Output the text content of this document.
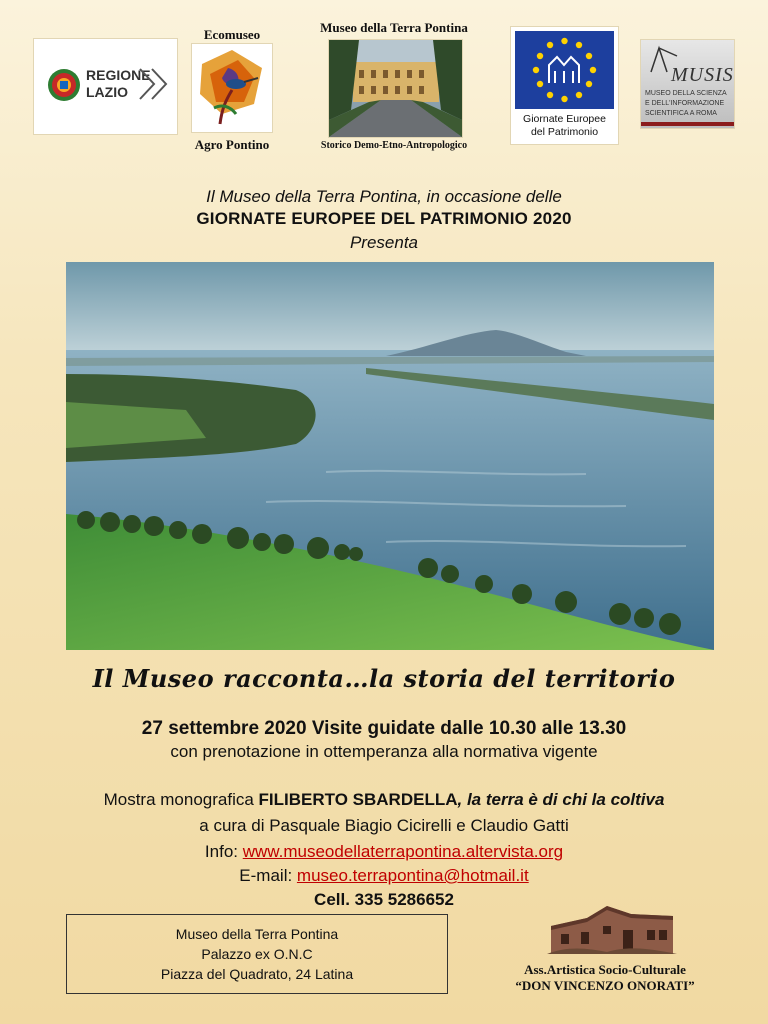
REGIONE
LAZIO
Ecomuseo
Agro Pontino
Museo della Terra Pontina
Storico Demo-Etno-Antropologico
Giornate Europee
del Patrimonio
MUSIS
MUSEO DELLA SCIENZA
E DELL'INFORMAZIONE
SCIENTIFICA A ROMA
Il Museo della Terra Pontina, in occasione delle
GIORNATE EUROPEE DEL PATRIMONIO 2020
Presenta
Il Museo racconta…la storia del territorio
27 settembre 2020 Visite guidate dalle 10.30 alle 13.30
con prenotazione in ottemperanza alla normativa vigente
Mostra monografica FILIBERTO SBARDELLA, la terra è di chi la coltiva
a cura di Pasquale Biagio Cicirelli e Claudio Gatti
Info: www.museodellaterrapontina.altervista.org
E-mail: museo.terrapontina@hotmail.it
Cell. 335 5286652
Museo della Terra Pontina
Palazzo ex O.N.C
Piazza del Quadrato, 24 Latina	Ass.Artistica Socio-Culturale
“DON VINCENZO ONORATI”
